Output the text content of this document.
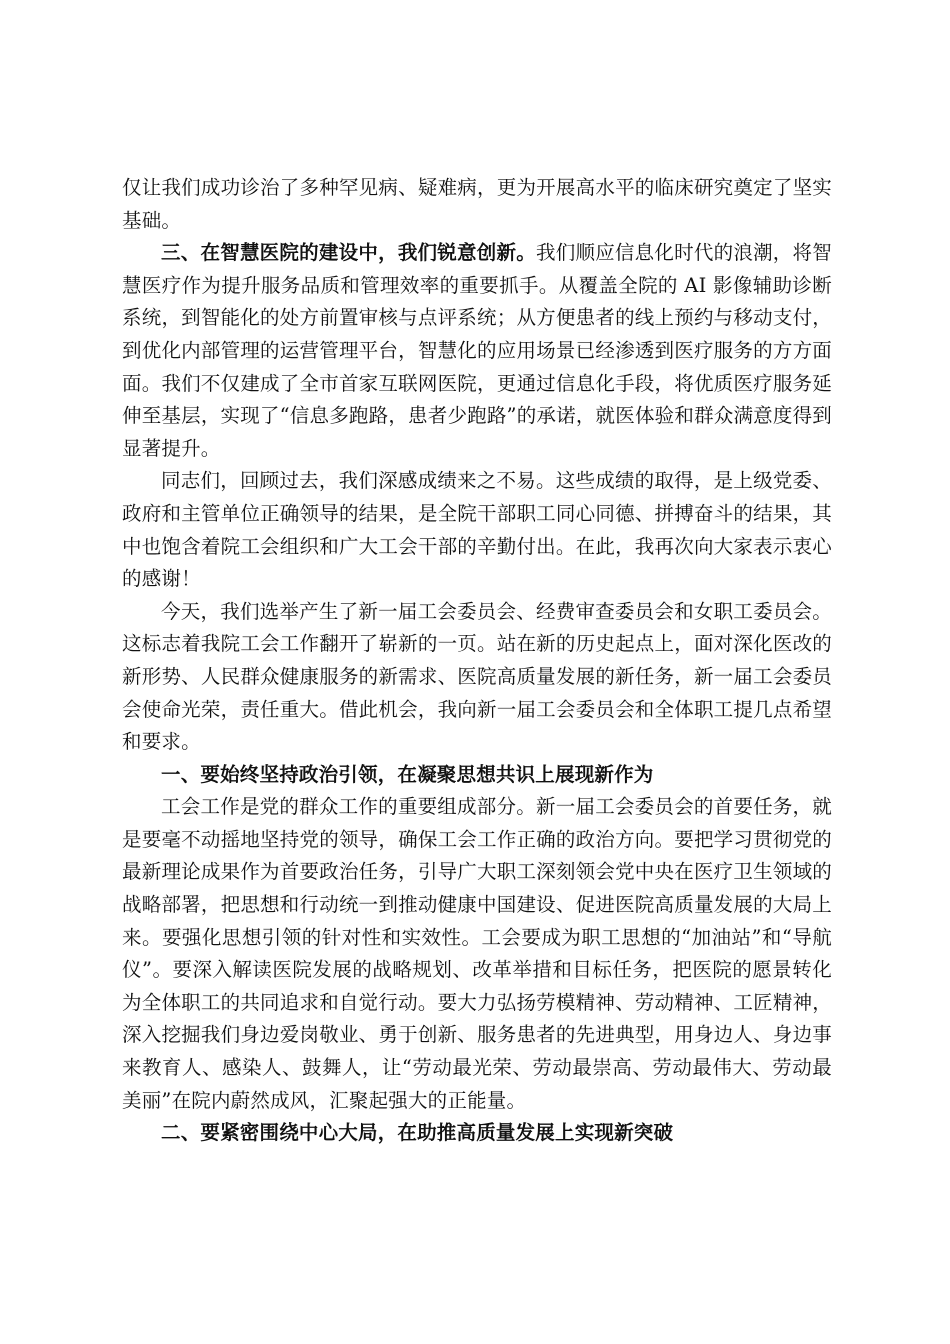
仅让我们成功诊治了多种罕见病、疑难病，更为开展高水平的临床研究奠定了坚实基础。

三、在智慧医院的建设中，我们锐意创新。我们顺应信息化时代的浪潮，将智慧医疗作为提升服务品质和管理效率的重要抓手。从覆盖全院的 AI 影像辅助诊断系统，到智能化的处方前置审核与点评系统；从方便患者的线上预约与移动支付，到优化内部管理的运营管理平台，智慧化的应用场景已经渗透到医疗服务的方方面面。我们不仅建成了全市首家互联网医院，更通过信息化手段，将优质医疗服务延伸至基层，实现了“信息多跑路，患者少跑路”的承诺，就医体验和群众满意度得到显著提升。

同志们，回顾过去，我们深感成绩来之不易。这些成绩的取得，是上级党委、政府和主管单位正确领导的结果，是全院干部职工同心同德、拼搏奋斗的结果，其中也饱含着院工会组织和广大工会干部的辛勤付出。在此，我再次向大家表示衷心的感谢！

今天，我们选举产生了新一届工会委员会、经费审查委员会和女职工委员会。这标志着我院工会工作翻开了崭新的一页。站在新的历史起点上，面对深化医改的新形势、人民群众健康服务的新需求、医院高质量发展的新任务，新一届工会委员会使命光荣，责任重大。借此机会，我向新一届工会委员会和全体职工提几点希望和要求。

一、要始终坚持政治引领，在凝聚思想共识上展现新作为

工会工作是党的群众工作的重要组成部分。新一届工会委员会的首要任务，就是要毫不动摇地坚持党的领导，确保工会工作正确的政治方向。要把学习贯彻党的最新理论成果作为首要政治任务，引导广大职工深刻领会党中央在医疗卫生领域的战略部署，把思想和行动统一到推动健康中国建设、促进医院高质量发展的大局上来。要强化思想引领的针对性和实效性。工会要成为职工思想的“加油站”和“导航仪”。要深入解读医院发展的战略规划、改革举措和目标任务，把医院的愿景转化为全体职工的共同追求和自觉行动。要大力弘扬劳模精神、劳动精神、工匠精神，深入挖掘我们身边爱岗敬业、勇于创新、服务患者的先进典型，用身边人、身边事来教育人、感染人、鼓舞人，让“劳动最光荣、劳动最崇高、劳动最伟大、劳动最美丽”在院内蔚然成风，汇聚起强大的正能量。

二、要紧密围绕中心大局，在助推高质量发展上实现新突破
